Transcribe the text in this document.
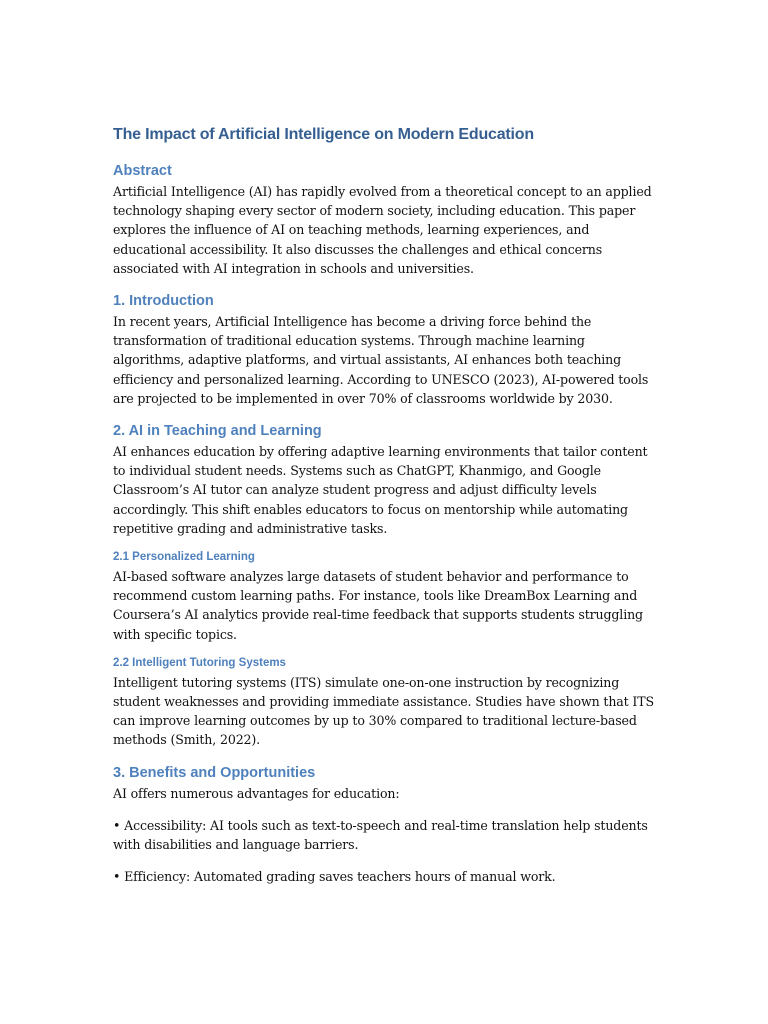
The Impact of Artificial Intelligence on Modern Education
Abstract

Artificial Intelligence (AI) has rapidly evolved from a theoretical concept to an applied technology shaping every sector of modern society, including education. This paper explores the influence of AI on teaching methods, learning experiences, and educational accessibility. It also discusses the challenges and ethical concerns associated with AI integration in schools and universities.

1. Introduction

In recent years, Artificial Intelligence has become a driving force behind the transformation of traditional education systems. Through machine learning algorithms, adaptive platforms, and virtual assistants, AI enhances both teaching efficiency and personalized learning. According to UNESCO (2023), AI-powered tools are projected to be implemented in over 70% of classrooms worldwide by 2030.

2. AI in Teaching and Learning

AI enhances education by offering adaptive learning environments that tailor content to individual student needs. Systems such as ChatGPT, Khanmigo, and Google Classroom’s AI tutor can analyze student progress and adjust difficulty levels accordingly. This shift enables educators to focus on mentorship while automating repetitive grading and administrative tasks.

2.1 Personalized Learning

AI-based software analyzes large datasets of student behavior and performance to recommend custom learning paths. For instance, tools like DreamBox Learning and Coursera’s AI analytics provide real-time feedback that supports students struggling with specific topics.

2.2 Intelligent Tutoring Systems

Intelligent tutoring systems (ITS) simulate one-on-one instruction by recognizing student weaknesses and providing immediate assistance. Studies have shown that ITS can improve learning outcomes by up to 30% compared to traditional lecture-based methods (Smith, 2022).

3. Benefits and Opportunities

AI offers numerous advantages for education:

• Accessibility: AI tools such as text-to-speech and real-time translation help students with disabilities and language barriers.

• Efficiency: Automated grading saves teachers hours of manual work.
